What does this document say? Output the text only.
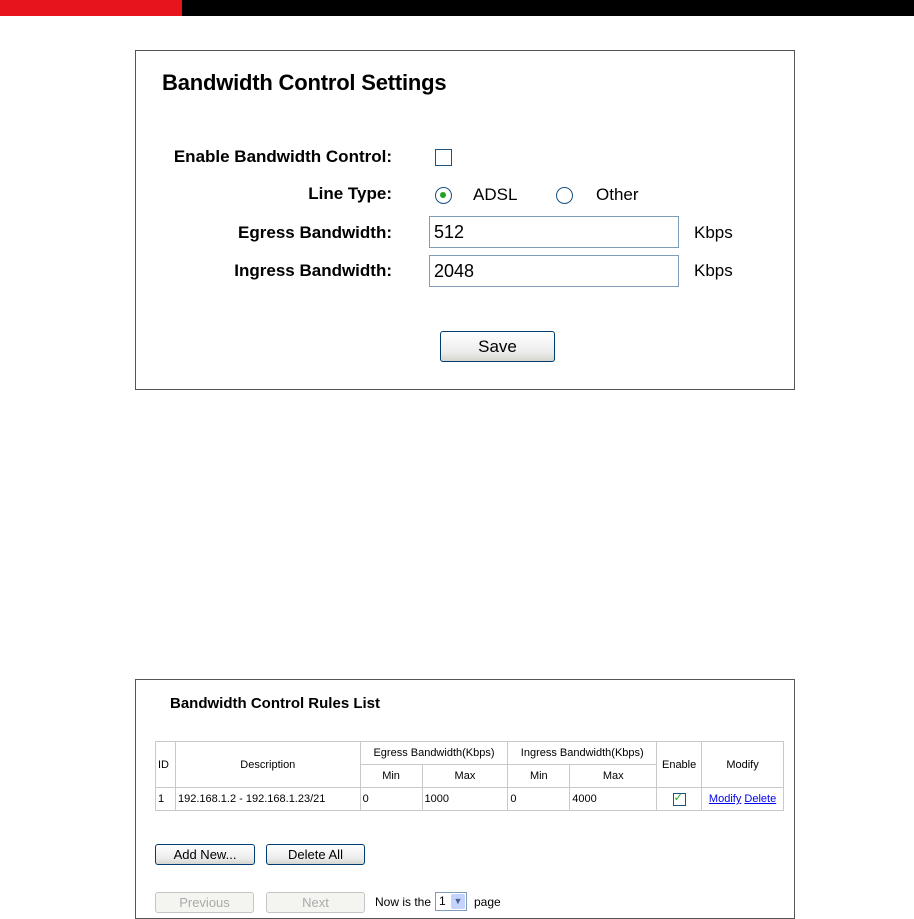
Bandwidth Control Settings
Enable Bandwidth Control:
Line Type:	ADSL	Other
Egress Bandwidth:
512	Kbps
Ingress Bandwidth:
2048	Kbps
Save
Bandwidth Control Rules List
ID	Description	Egress Bandwidth(Kbps)		Ingress Bandwidth(Kbps)		Enable	Modify
		Min	Max	Min	Max		
1	192.168.1.2 - 192.168.1.23/21	0	1000	0	4000	✓	Modify Delete
Add New...	Delete All
Previous	Next	Now is the 1 ▼ page
